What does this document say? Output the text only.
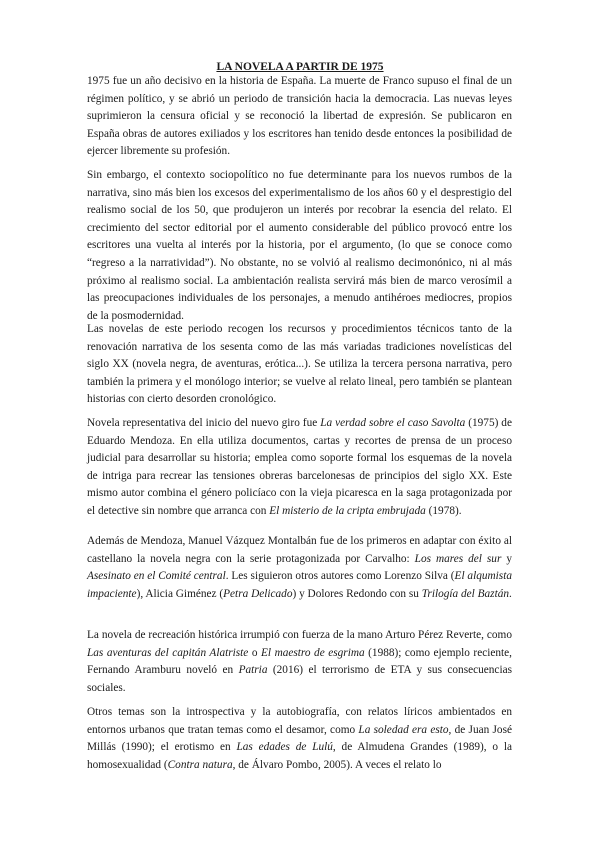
LA NOVELA A PARTIR DE 1975

1975 fue un año decisivo en la historia de España. La muerte de Franco supuso el final de un régimen político, y se abrió un periodo de transición hacia la democracia. Las nuevas leyes suprimieron la censura oficial y se reconoció la libertad de expresión. Se publicaron en España obras de autores exiliados y los escritores han tenido desde entonces la posibilidad de ejercer libremente su profesión.

Sin embargo, el contexto sociopolítico no fue determinante para los nuevos rumbos de la narrativa, sino más bien los excesos del experimentalismo de los años 60 y el desprestigio del realismo social de los 50, que produjeron un interés por recobrar la esencia del relato. El crecimiento del sector editorial por el aumento considerable del público provocó entre los escritores una vuelta al interés por la historia, por el argumento, (lo que se conoce como “regreso a la narratividad”). No obstante, no se volvió al realismo decimonónico, ni al más próximo al realismo social. La ambientación realista servirá más bien de marco verosímil a las preocupaciones individuales de los personajes, a menudo antihéroes mediocres, propios de la posmodernidad.

Las novelas de este periodo recogen los recursos y procedimientos técnicos tanto de la renovación narrativa de los sesenta como de las más variadas tradiciones novelísticas del siglo XX (novela negra, de aventuras, erótica...). Se utiliza la tercera persona narrativa, pero también la primera y el monólogo interior; se vuelve al relato lineal, pero también se plantean historias con cierto desorden cronológico.

Novela representativa del inicio del nuevo giro fue La verdad sobre el caso Savolta (1975) de Eduardo Mendoza. En ella utiliza documentos, cartas y recortes de prensa de un proceso judicial para desarrollar su historia; emplea como soporte formal los esquemas de la novela de intriga para recrear las tensiones obreras barcelonesas de principios del siglo XX. Este mismo autor combina el género policíaco con la vieja picaresca en la saga protagonizada por el detective sin nombre que arranca con El misterio de la cripta embrujada (1978).

Además de Mendoza, Manuel Vázquez Montalbán fue de los primeros en adaptar con éxito al castellano la novela negra con la serie protagonizada por Carvalho: Los mares del sur y Asesinato en el Comité central. Les siguieron otros autores como Lorenzo Silva (El alqumista impaciente), Alicia Giménez (Petra Delicado) y Dolores Redondo con su Trilogía del Baztán.

La novela de recreación histórica irrumpió con fuerza de la mano Arturo Pérez Reverte, como Las aventuras del capitán Alatriste o El maestro de esgrima (1988); como ejemplo reciente, Fernando Aramburu noveló en Patria (2016) el terrorismo de ETA y sus consecuencias sociales.

Otros temas son la introspectiva y la autobiografía, con relatos líricos ambientados en entornos urbanos que tratan temas como el desamor, como La soledad era esto, de Juan José Millás (1990); el erotismo en Las edades de Lulú, de Almudena Grandes (1989), o la homosexualidad (Contra natura, de Álvaro Pombo, 2005). A veces el relato lo
